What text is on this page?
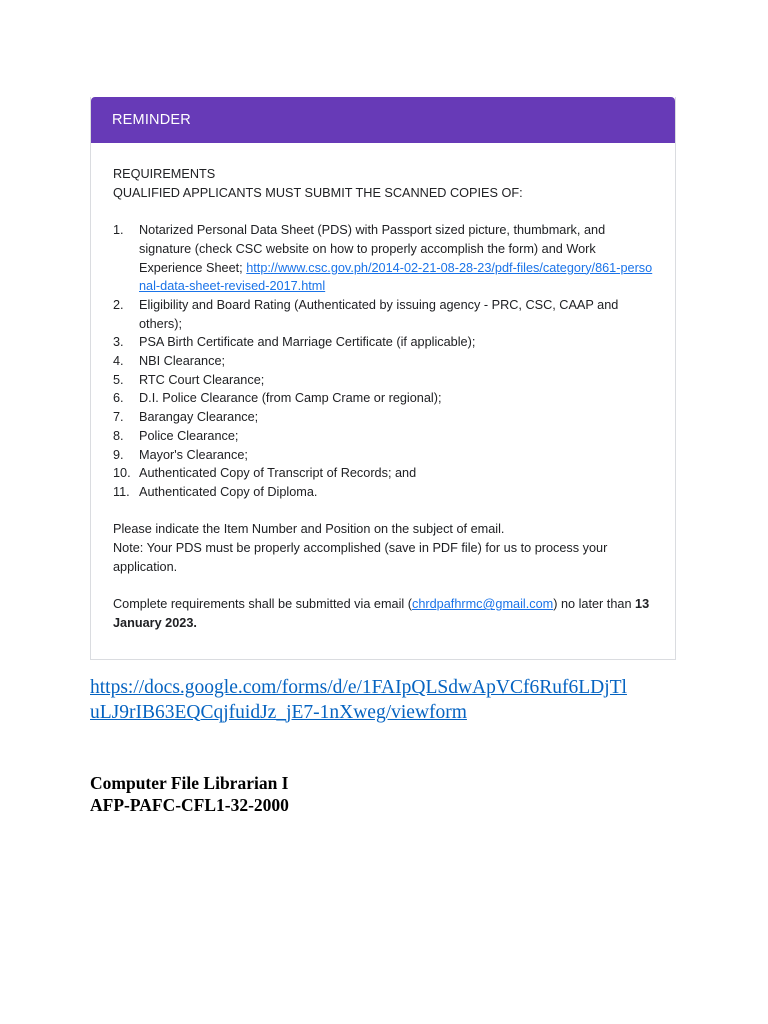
REMINDER

REQUIREMENTS

QUALIFIED APPLICANTS MUST SUBMIT THE SCANNED COPIES OF:

1.	Notarized Personal Data Sheet (PDS) with Passport sized picture, thumbmark, and signature (check CSC website on how to properly accomplish the form) and Work Experience Sheet; http://www.csc.gov.ph/2014-02-21-08-28-23/pdf-files/category/861-personal-data-sheet-revised-2017.html
2.	Eligibility and Board Rating (Authenticated by issuing agency - PRC, CSC, CAAP and others);
3.	PSA Birth Certificate and Marriage Certificate (if applicable);
4.	NBI Clearance;
5.	RTC Court Clearance;
6.	D.I. Police Clearance (from Camp Crame or regional);
7.	Barangay Clearance;
8.	Police Clearance;
9.	Mayor's Clearance;
10. Authenticated Copy of Transcript of Records; and
11. Authenticated Copy of Diploma.

Please indicate the Item Number and Position on the subject of email.

Note: Your PDS must be properly accomplished (save in PDF file) for us to process your application.

Complete requirements shall be submitted via email (chrdpafhrmc@gmail.com) no later than 13 January 2023.

https://docs.google.com/forms/d/e/1FAIpQLSdwApVCf6Ruf6LDjTluLJ9rIB63EQCqjfuidJz_jE7-1nXweg/viewform
Computer File Librarian I
AFP-PAFC-CFL1-32-2000
